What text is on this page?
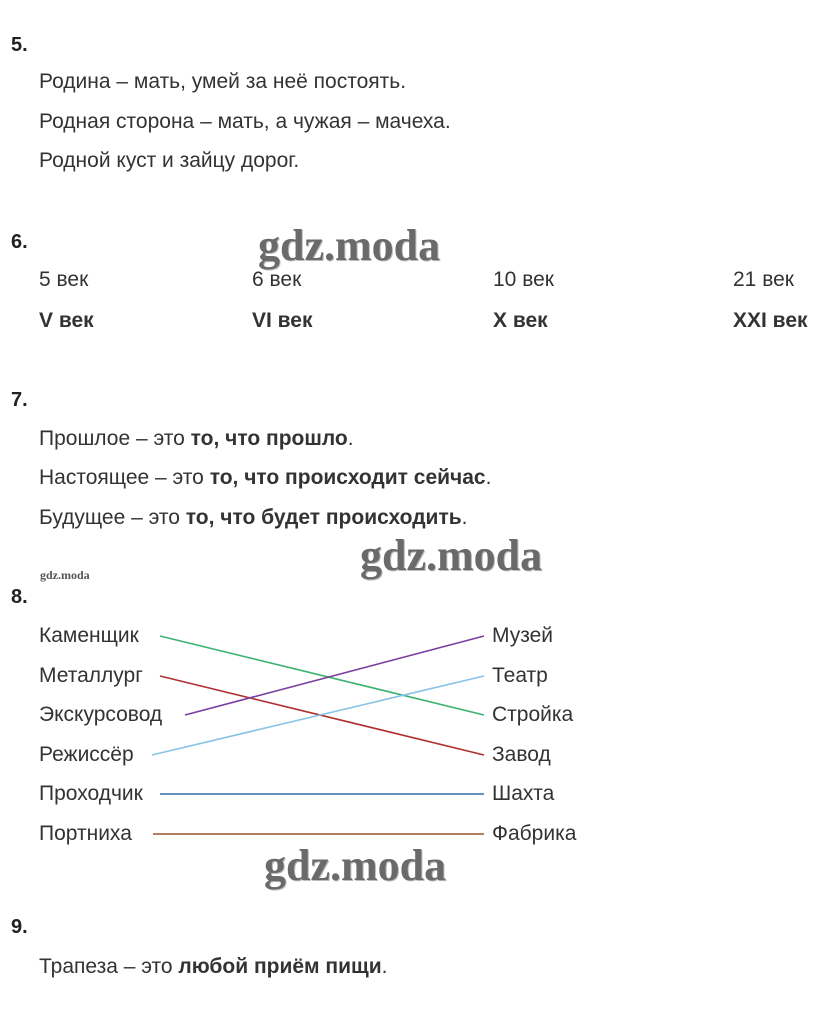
5.
Родина – мать, умей за неё постоять.
Родная сторона – мать, а чужая – мачеха.
Родной куст и зайцу дорог.
6.
5 век	6 век	10 век	21 век
V век	VI век	X век	XXI век
7.
Прошлое – это то, что прошло.
Настоящее – это то, что происходит сейчас.
Будущее – это то, что будет происходить.
8.
Каменщик
Металлург
Экскурсовод
Режиссёр
Проходчик
Портниха
Музей
Театр
Стройка
Завод
Шахта
Фабрика
9.
Трапеза – это любой приём пищи.
gdz.moda
gdz.moda
gdz.moda
gdz.moda
